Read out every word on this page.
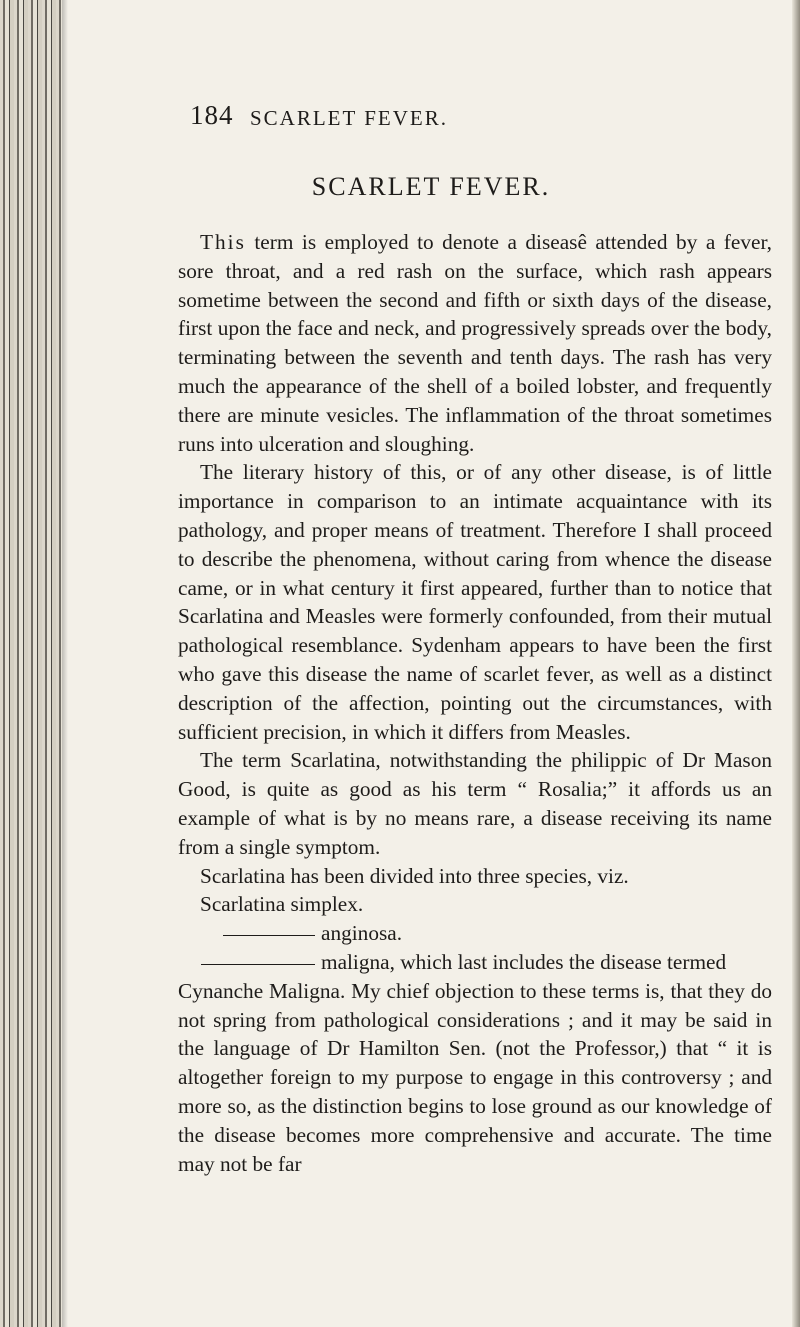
184 SCARLET FEVER.
SCARLET FEVER.

This term is employed to denote a diseasê attended by a fever, sore throat, and a red rash on the surface, which rash appears sometime between the second and fifth or sixth days of the disease, first upon the face and neck, and progressively spreads over the body, terminating between the seventh and tenth days. The rash has very much the appearance of the shell of a boiled lobster, and frequently there are minute vesicles. The inflammation of the throat sometimes runs into ulceration and sloughing.

The literary history of this, or of any other disease, is of little importance in comparison to an intimate acquaintance with its pathology, and proper means of treatment. Therefore I shall proceed to describe the phenomena, without caring from whence the disease came, or in what century it first appeared, further than to notice that Scarlatina and Measles were formerly confounded, from their mutual pathological resemblance. Sydenham appears to have been the first who gave this disease the name of scarlet fever, as well as a distinct description of the affection, pointing out the circumstances, with sufficient precision, in which it differs from Measles.

The term Scarlatina, notwithstanding the philippic of Dr Mason Good, is quite as good as his term “ Rosalia;” it affords us an example of what is by no means rare, a disease receiving its name from a single symptom.

Scarlatina has been divided into three species, viz.

Scarlatina simplex.

anginosa.

maligna, which last includes the disease termed

Cynanche Maligna. My chief objection to these terms is, that they do not spring from pathological considerations ; and it may be said in the language of Dr Hamilton Sen. (not the Professor,) that “ it is altogether foreign to my purpose to engage in this controversy ; and more so, as the distinction begins to lose ground as our knowledge of the disease becomes more comprehensive and accurate. The time may not be far
